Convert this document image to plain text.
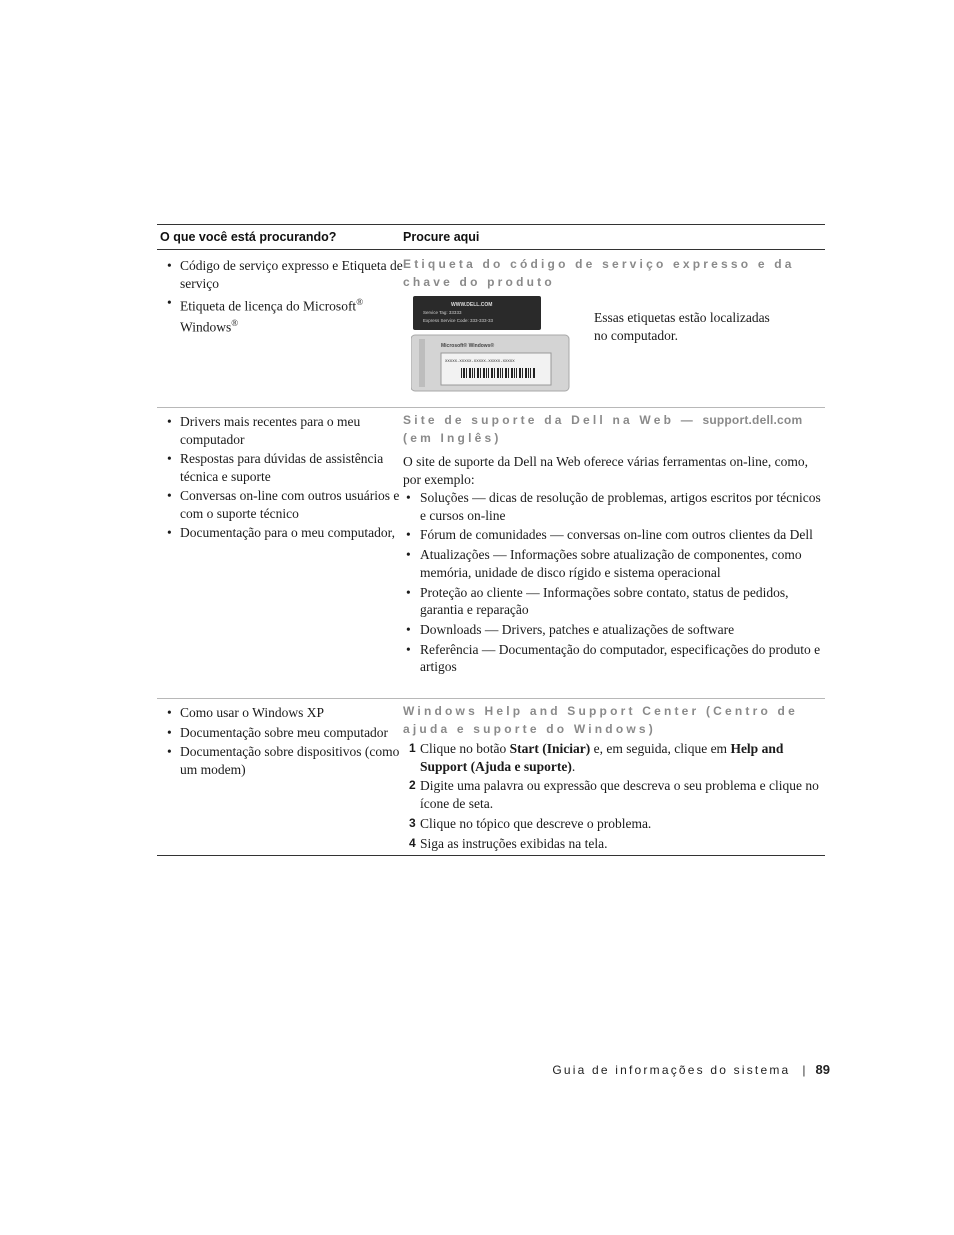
O que você está procurando?	Procure aqui
• Código de serviço expresso e Etiqueta de serviço
• Etiqueta de licença do Microsoft® Windows®
Etiqueta do código de serviço expresso e da chave do produto
WWW.DELL.COM
Service Tag: 33333
Express Service Code: 333-333-33
Microsoft® Windows®
XXXXX-XXXXX-XXXXX-XXXXX-XXXXX
Essas etiquetas estão localizadas
no computador.
• Drivers mais recentes para o meu computador
• Respostas para dúvidas de assistência técnica e suporte
• Conversas on-line com outros usuários e com o suporte técnico
• Documentação para o meu computador,
Site de suporte da Dell na Web — support.dell.com
(em Inglês)
O site de suporte da Dell na Web oferece várias ferramentas on-line, como, por exemplo:
• Soluções — dicas de resolução de problemas, artigos escritos por técnicos e cursos on-line
• Fórum de comunidades — conversas on-line com outros clientes da Dell
• Atualizações — Informações sobre atualização de componentes, como memória, unidade de disco rígido e sistema operacional
• Proteção ao cliente — Informações sobre contato, status de pedidos, garantia e reparação
• Downloads — Drivers, patches e atualizações de software
• Referência — Documentação do computador, especificações do produto e artigos
• Como usar o Windows XP
• Documentação sobre meu computador
• Documentação sobre dispositivos (como um modem)
Windows Help and Support Center (Centro de ajuda e suporte do Windows)
1 Clique no botão Start (Iniciar) e, em seguida, clique em Help and Support (Ajuda e suporte).
2 Digite uma palavra ou expressão que descreva o seu problema e clique no ícone de seta.
3 Clique no tópico que descreve o problema.
4 Siga as instruções exibidas na tela.
Guia de informações do sistema | 89
